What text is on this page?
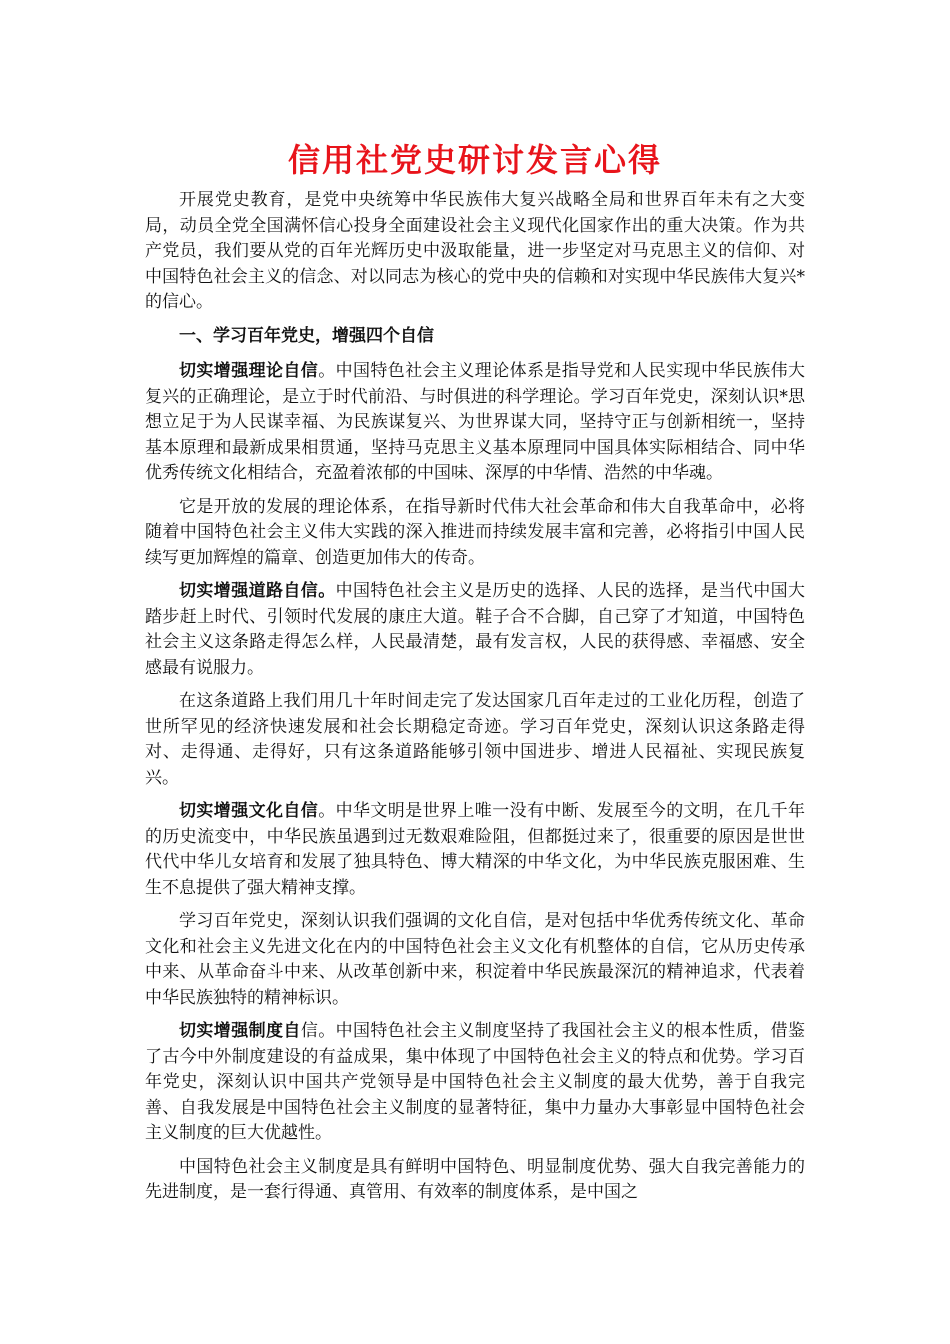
信用社党史研讨发言心得

开展党史教育，是党中央统筹中华民族伟大复兴战略全局和世界百年未有之大变局，动员全党全国满怀信心投身全面建设社会主义现代化国家作出的重大决策。作为共产党员，我们要从党的百年光辉历史中汲取能量，进一步坚定对马克思主义的信仰、对中国特色社会主义的信念、对以同志为核心的党中央的信赖和对实现中华民族伟大复兴*的信心。

一、学习百年党史，增强四个自信

切实增强理论自信。中国特色社会主义理论体系是指导党和人民实现中华民族伟大复兴的正确理论，是立于时代前沿、与时俱进的科学理论。学习百年党史，深刻认识*思想立足于为人民谋幸福、为民族谋复兴、为世界谋大同，坚持守正与创新相统一，坚持基本原理和最新成果相贯通，坚持马克思主义基本原理同中国具体实际相结合、同中华优秀传统文化相结合，充盈着浓郁的中国味、深厚的中华情、浩然的中华魂。

它是开放的发展的理论体系，在指导新时代伟大社会革命和伟大自我革命中，必将随着中国特色社会主义伟大实践的深入推进而持续发展丰富和完善，必将指引中国人民续写更加辉煌的篇章、创造更加伟大的传奇。

切实增强道路自信。中国特色社会主义是历史的选择、人民的选择，是当代中国大踏步赶上时代、引领时代发展的康庄大道。鞋子合不合脚，自己穿了才知道，中国特色社会主义这条路走得怎么样，人民最清楚，最有发言权，人民的获得感、幸福感、安全感最有说服力。

在这条道路上我们用几十年时间走完了发达国家几百年走过的工业化历程，创造了世所罕见的经济快速发展和社会长期稳定奇迹。学习百年党史，深刻认识这条路走得对、走得通、走得好，只有这条道路能够引领中国进步、增进人民福祉、实现民族复兴。

切实增强文化自信。中华文明是世界上唯一没有中断、发展至今的文明，在几千年的历史流变中，中华民族虽遇到过无数艰难险阻，但都挺过来了，很重要的原因是世世代代中华儿女培育和发展了独具特色、博大精深的中华文化，为中华民族克服困难、生生不息提供了强大精神支撑。

学习百年党史，深刻认识我们强调的文化自信，是对包括中华优秀传统文化、革命文化和社会主义先进文化在内的中国特色社会主义文化有机整体的自信，它从历史传承中来、从革命奋斗中来、从改革创新中来，积淀着中华民族最深沉的精神追求，代表着中华民族独特的精神标识。

切实增强制度自信。中国特色社会主义制度坚持了我国社会主义的根本性质，借鉴了古今中外制度建设的有益成果，集中体现了中国特色社会主义的特点和优势。学习百年党史，深刻认识中国共产党领导是中国特色社会主义制度的最大优势，善于自我完善、自我发展是中国特色社会主义制度的显著特征，集中力量办大事彰显中国特色社会主义制度的巨大优越性。

中国特色社会主义制度是具有鲜明中国特色、明显制度优势、强大自我完善能力的先进制度，是一套行得通、真管用、有效率的制度体系，是中国之
